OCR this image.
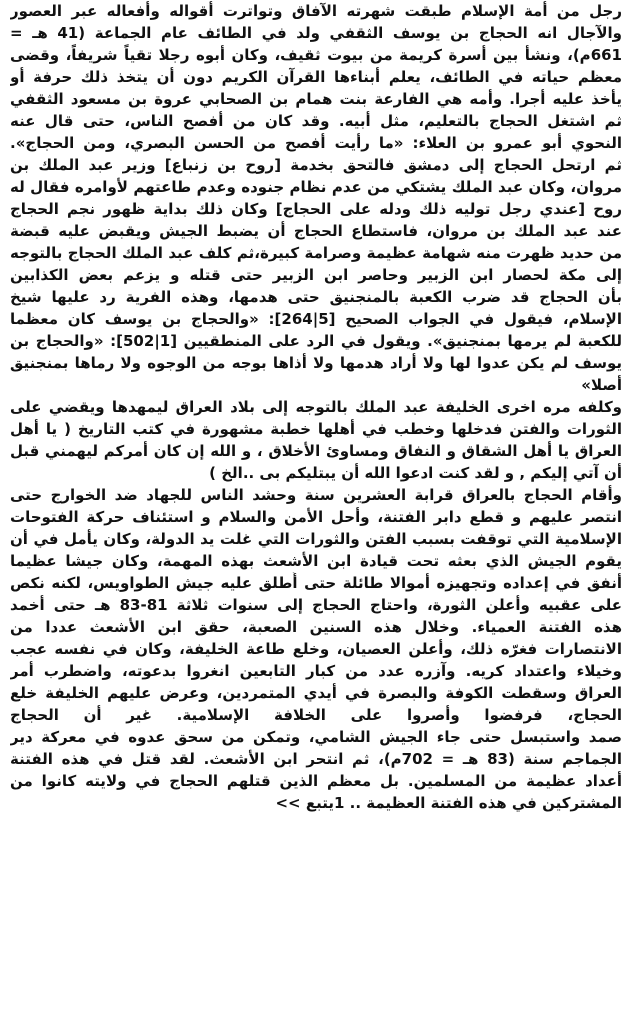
رجل من أمة الإسلام طبقت شهرته الآفاق وتواترت أقواله وأفعاله عبر العصور
والآجال انه الحجاج بن يوسف الثقفي ولد في الطائف عام الجماعة (41 هـ =
661م)، ونشأ بين أسرة كريمة من بيوت ثقيف، وكان أبوه رجلا تقياً شريفاً، وقضى
معظم حياته في الطائف، يعلم أبناءها القرآن الكريم دون أن يتخذ ذلك حرفة أو
يأخذ عليه أجرا. وأمه هي الفارعة بنت همام بن الصحابي عروة بن مسعود الثقفي
ثم اشتغل الحجاج بالتعليم، مثل أبيه. وقد كان من أفصح الناس، حتى قال عنه
النحوي أبو عمرو بن العلاء: «ما رأيت أفصح من الحسن البصري، ومن الحجاج».
ثم ارتحل الحجاج إلى دمشق فالتحق بخدمة [روح بن زنباع] وزير عبد الملك بن
مروان، وكان عبد الملك يشتكي من عدم نظام جنوده وعدم طاعتهم لأوامره فقال له
روح [عندي رجل توليه ذلك ودله على الحجاج] وكان ذلك بداية ظهور نجم الحجاج
عند عبد الملك بن مروان، فاستطاع الحجاج أن يضبط الجيش ويقبض عليه قبضة
من حديد ظهرت منه شهامة عظيمة وصرامة كبيرة،ثم كلف عبد الملك الحجاج بالتوجه
إلى مكة لحصار ابن الزبير وحاصر ابن الزبير حتى قتله و يزعم بعض الكذابين
بأن الحجاج قد ضرب الكعبة بالمنجنيق حتى هدمها، وهذه الفرية رد عليها شيخ
الإسلام، فيقول في الجواب الصحيح [5|264]: «والحجاج بن يوسف كان معظما
للكعبة لم يرمها بمنجنيق». ويقول في الرد على المنطقيين [1|502]: «والحجاج بن
يوسف لم يكن عدوا لها ولا أراد هدمها ولا أذاها بوجه من الوجوه ولا رماها بمنجنيق
أصلا»
وكلفه مره اخرى الخليفة عبد الملك بالتوجه إلى بلاد العراق ليمهدها ويقضي على
الثورات والفتن فدخلها وخطب في أهلها خطبة مشهورة في كتب التاريخ ( يا أهل
العراق يا أهل الشقاق و النفاق ومساوئ الأخلاق ، و الله إن كان أمركم ليهمني قبل
أن آتي إليكم , و لقد كنت ادعوا الله أن يبتليكم بى ..الخ )
وأقام الحجاج بالعراق قرابة العشرين سنة وحشد الناس للجهاد ضد الخوارج حتى
انتصر عليهم و قطع دابر الفتنة، وأحل الأمن والسلام و استئناف حركة الفتوحات
الإسلامية التي توقفت بسبب الفتن والثورات التي غلت يد الدولة، وكان يأمل في أن
يقوم الجيش الذي بعثه تحت قيادة ابن الأشعث بهذه المهمة، وكان جيشا عظيما
أنفق في إعداده وتجهيزه أموالا طائلة حتى أُطلق عليه جيش الطواويس، لكنه نكص
على عقبيه وأعلن الثورة، واحتاج الحجاج إلى سنوات ثلاثة 81-83 هـ حتى أخمد
هذه الفتنة العمياء. وخلال هذه السنين الصعبة، حقق ابن الأشعث عددا من
الانتصارات فغرّه ذلك، وأعلن العصيان، وخلع طاعة الخليفة، وكان في نفسه عجب
وخيلاء واعتداد كريه. وآزره عدد من كبار التابعين انغروا بدعوته، واضطرب أمر
العراق وسقطت الكوفة والبصرة في أيدي المتمردين، وعرض عليهم الخليفة خلع
الحجاج، فرفضوا وأصروا على الخلافة الإسلامية. غير أن الحجاج
صمد واستبسل حتى جاء الجيش الشامي، وتمكن من سحق عدوه في معركة دير
الجماجم سنة (83 هـ = 702م)، ثم انتحر ابن الأشعث. لقد قتل في هذه الفتنة
أعداد عظيمة من المسلمين. بل معظم الذين قتلهم الحجاج في ولايته كانوا من
المشتركين في هذه الفتنة العظيمة .. 1يتبع >>
